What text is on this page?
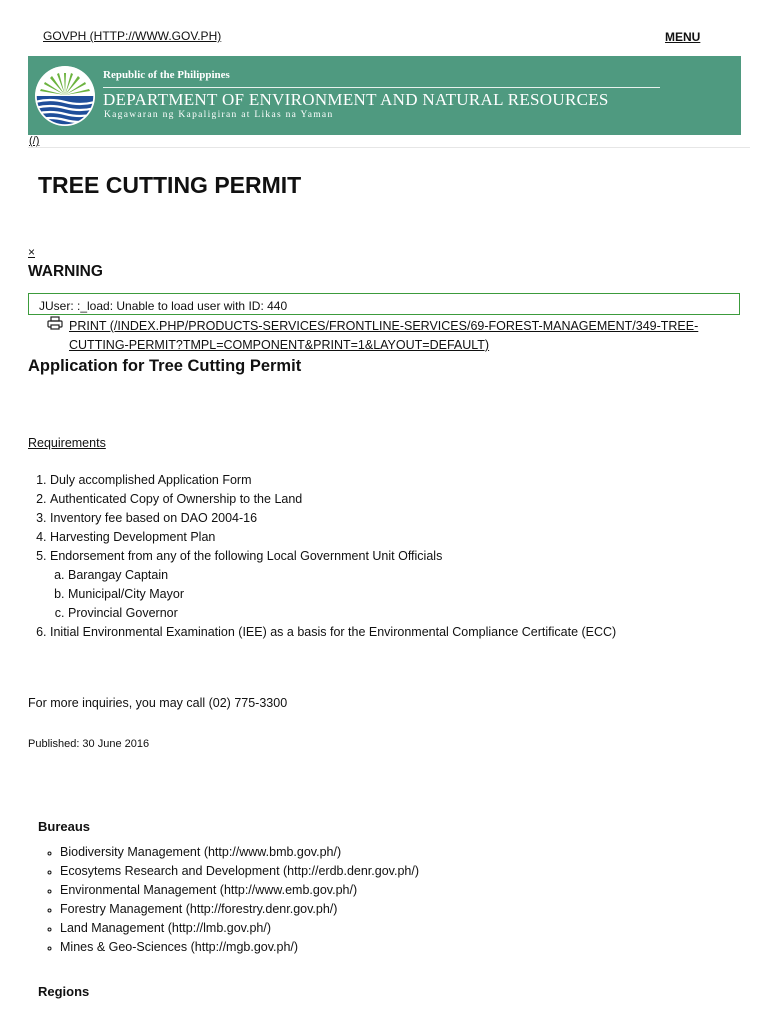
GOVPH (HTTP://WWW.GOV.PH)	MENU
Republic of the Philippines
DEPARTMENT OF ENVIRONMENT AND NATURAL RESOURCES
Kagawaran ng Kapaligiran at Likas na Yaman
(/)
TREE CUTTING PERMIT
×
WARNING
JUser: :_load: Unable to load user with ID: 440
PRINT (/INDEX.PHP/PRODUCTS-SERVICES/FRONTLINE-SERVICES/69-FOREST-MANAGEMENT/349-TREE-CUTTING-PERMIT?TMPL=COMPONENT&PRINT=1&LAYOUT=DEFAULT)
Application for Tree Cutting Permit
Requirements
1. Duly accomplished Application Form
2. Authenticated Copy of Ownership to the Land
3. Inventory fee based on DAO 2004-16
4. Harvesting Development Plan
5. Endorsement from any of the following Local Government Unit Officials
a. Barangay Captain
b. Municipal/City Mayor
c. Provincial Governor
6. Initial Environmental Examination (IEE) as a basis for the Environmental Compliance Certificate (ECC)
For more inquiries, you may call (02) 775-3300
Published: 30 June 2016
Bureaus
◦ Biodiversity Management (http://www.bmb.gov.ph/)
◦ Ecosytems Research and Development (http://erdb.denr.gov.ph/)
◦ Environmental Management (http://www.emb.gov.ph/)
◦ Forestry Management (http://forestry.denr.gov.ph/)
◦ Land Management (http://lmb.gov.ph/)
◦ Mines & Geo-Sciences (http://mgb.gov.ph/)
Regions
